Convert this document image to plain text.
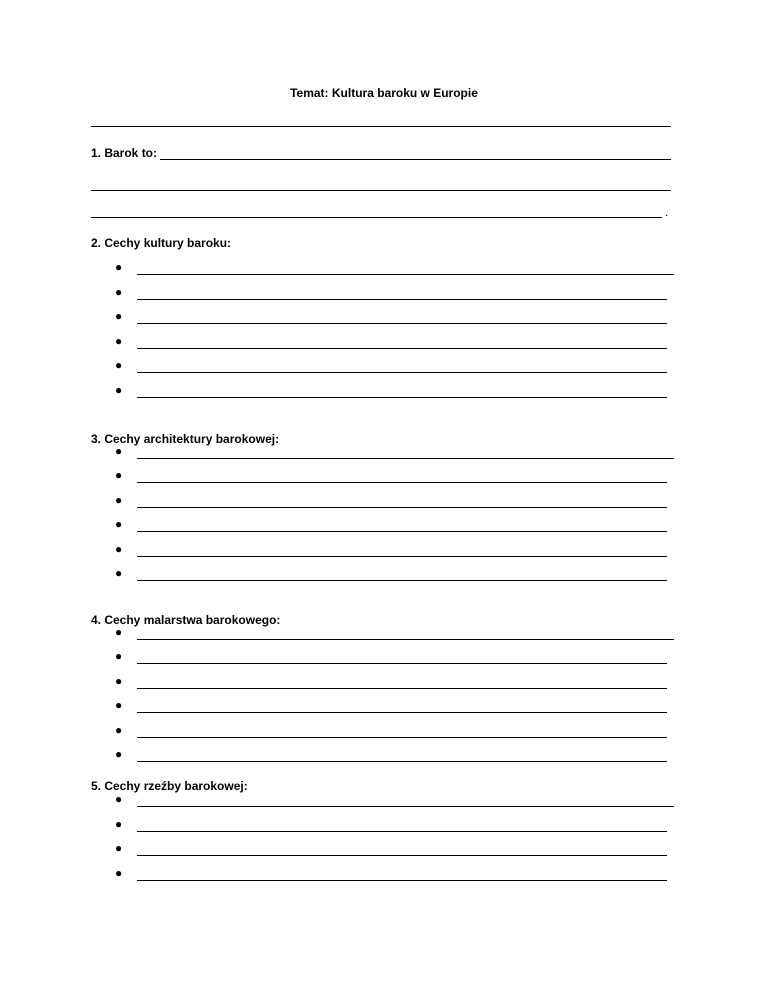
Temat: Kultura baroku w Europie
1. Barok to:
.
2. Cechy kultury baroku:
●
●
●
●
●
●
3. Cechy architektury barokowej:
●
●
●
●
●
●
4. Cechy malarstwa barokowego:
●
●
●
●
●
●
5. Cechy rzeźby barokowej:
●
●
●
●
